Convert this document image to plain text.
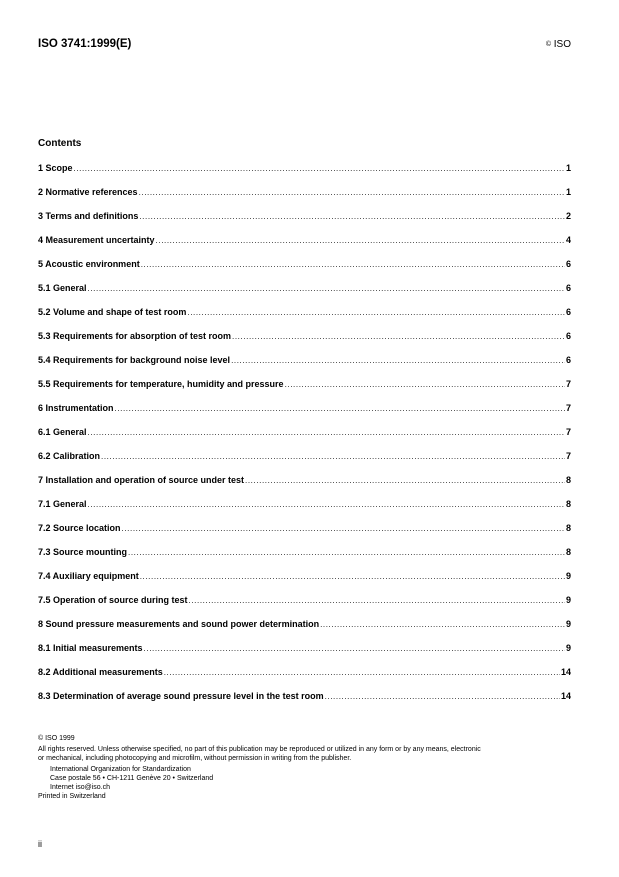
ISO 3741:1999(E)	© ISO
Contents
1 Scope .....	1
2 Normative references .....	1
3 Terms and definitions .....	2
4 Measurement uncertainty .....	4
5 Acoustic environment .....	6
5.1 General .....	6
5.2 Volume and shape of test room .....	6
5.3 Requirements for absorption of test room .....	6
5.4 Requirements for background noise level .....	6
5.5 Requirements for temperature, humidity and pressure .....	7
6 Instrumentation .....	7
6.1 General .....	7
6.2 Calibration .....	7
7 Installation and operation of source under test .....	8
7.1 General .....	8
7.2 Source location .....	8
7.3 Source mounting .....	8
7.4 Auxiliary equipment .....	9
7.5 Operation of source during test .....	9
8 Sound pressure measurements and sound power determination .....	9
8.1 Initial measurements .....	9
8.2 Additional measurements .....	14
8.3 Determination of average sound pressure level in the test room .....	14
© ISO 1999
All rights reserved. Unless otherwise specified, no part of this publication may be reproduced or utilized in any form or by any means, electronic
or mechanical, including photocopying and microfilm, without permission in writing from the publisher.
International Organization for Standardization
Case postale 56 • CH-1211 Genève 20 • Switzerland
Internet iso@iso.ch
Printed in Switzerland
ii
